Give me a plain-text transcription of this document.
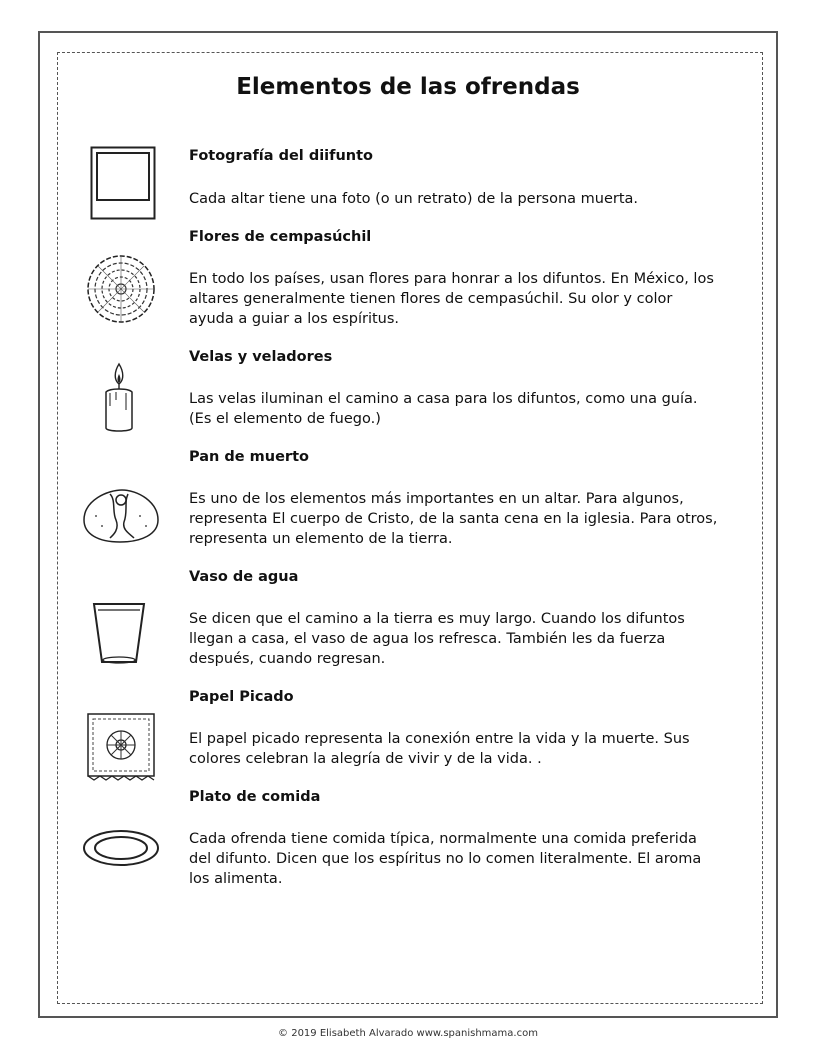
Elementos de las ofrendas
Fotografía del diifunto
Cada altar tiene una foto (o un retrato) de la persona muerta.
Flores de cempasúchil
En todo los países, usan flores para honrar a los difuntos. En México, los altares generalmente tienen flores de cempasúchil. Su olor y color ayuda a guiar a los espíritus.
Velas y veladores
Las velas iluminan el camino a casa para los difuntos, como una guía. (Es el elemento de fuego.)
Pan de muerto
Es uno de los elementos más importantes en un altar. Para algunos, representa El cuerpo de Cristo, de la santa cena en la iglesia. Para otros, representa un elemento de la tierra.
Vaso de agua
Se dicen que el camino a la tierra es muy largo. Cuando los difuntos llegan a casa, el vaso de agua los refresca. También les da fuerza después, cuando regresan.
Papel Picado
El papel picado representa la conexión entre la vida y la muerte. Sus colores celebran la alegría de vivir y de la vida. .
Plato de comida
Cada ofrenda tiene comida típica, normalmente una comida preferida del difunto. Dicen que los espíritus no lo comen literalmente. El aroma los alimenta.
© 2019 Elisabeth Alvarado www.spanishmama.com
